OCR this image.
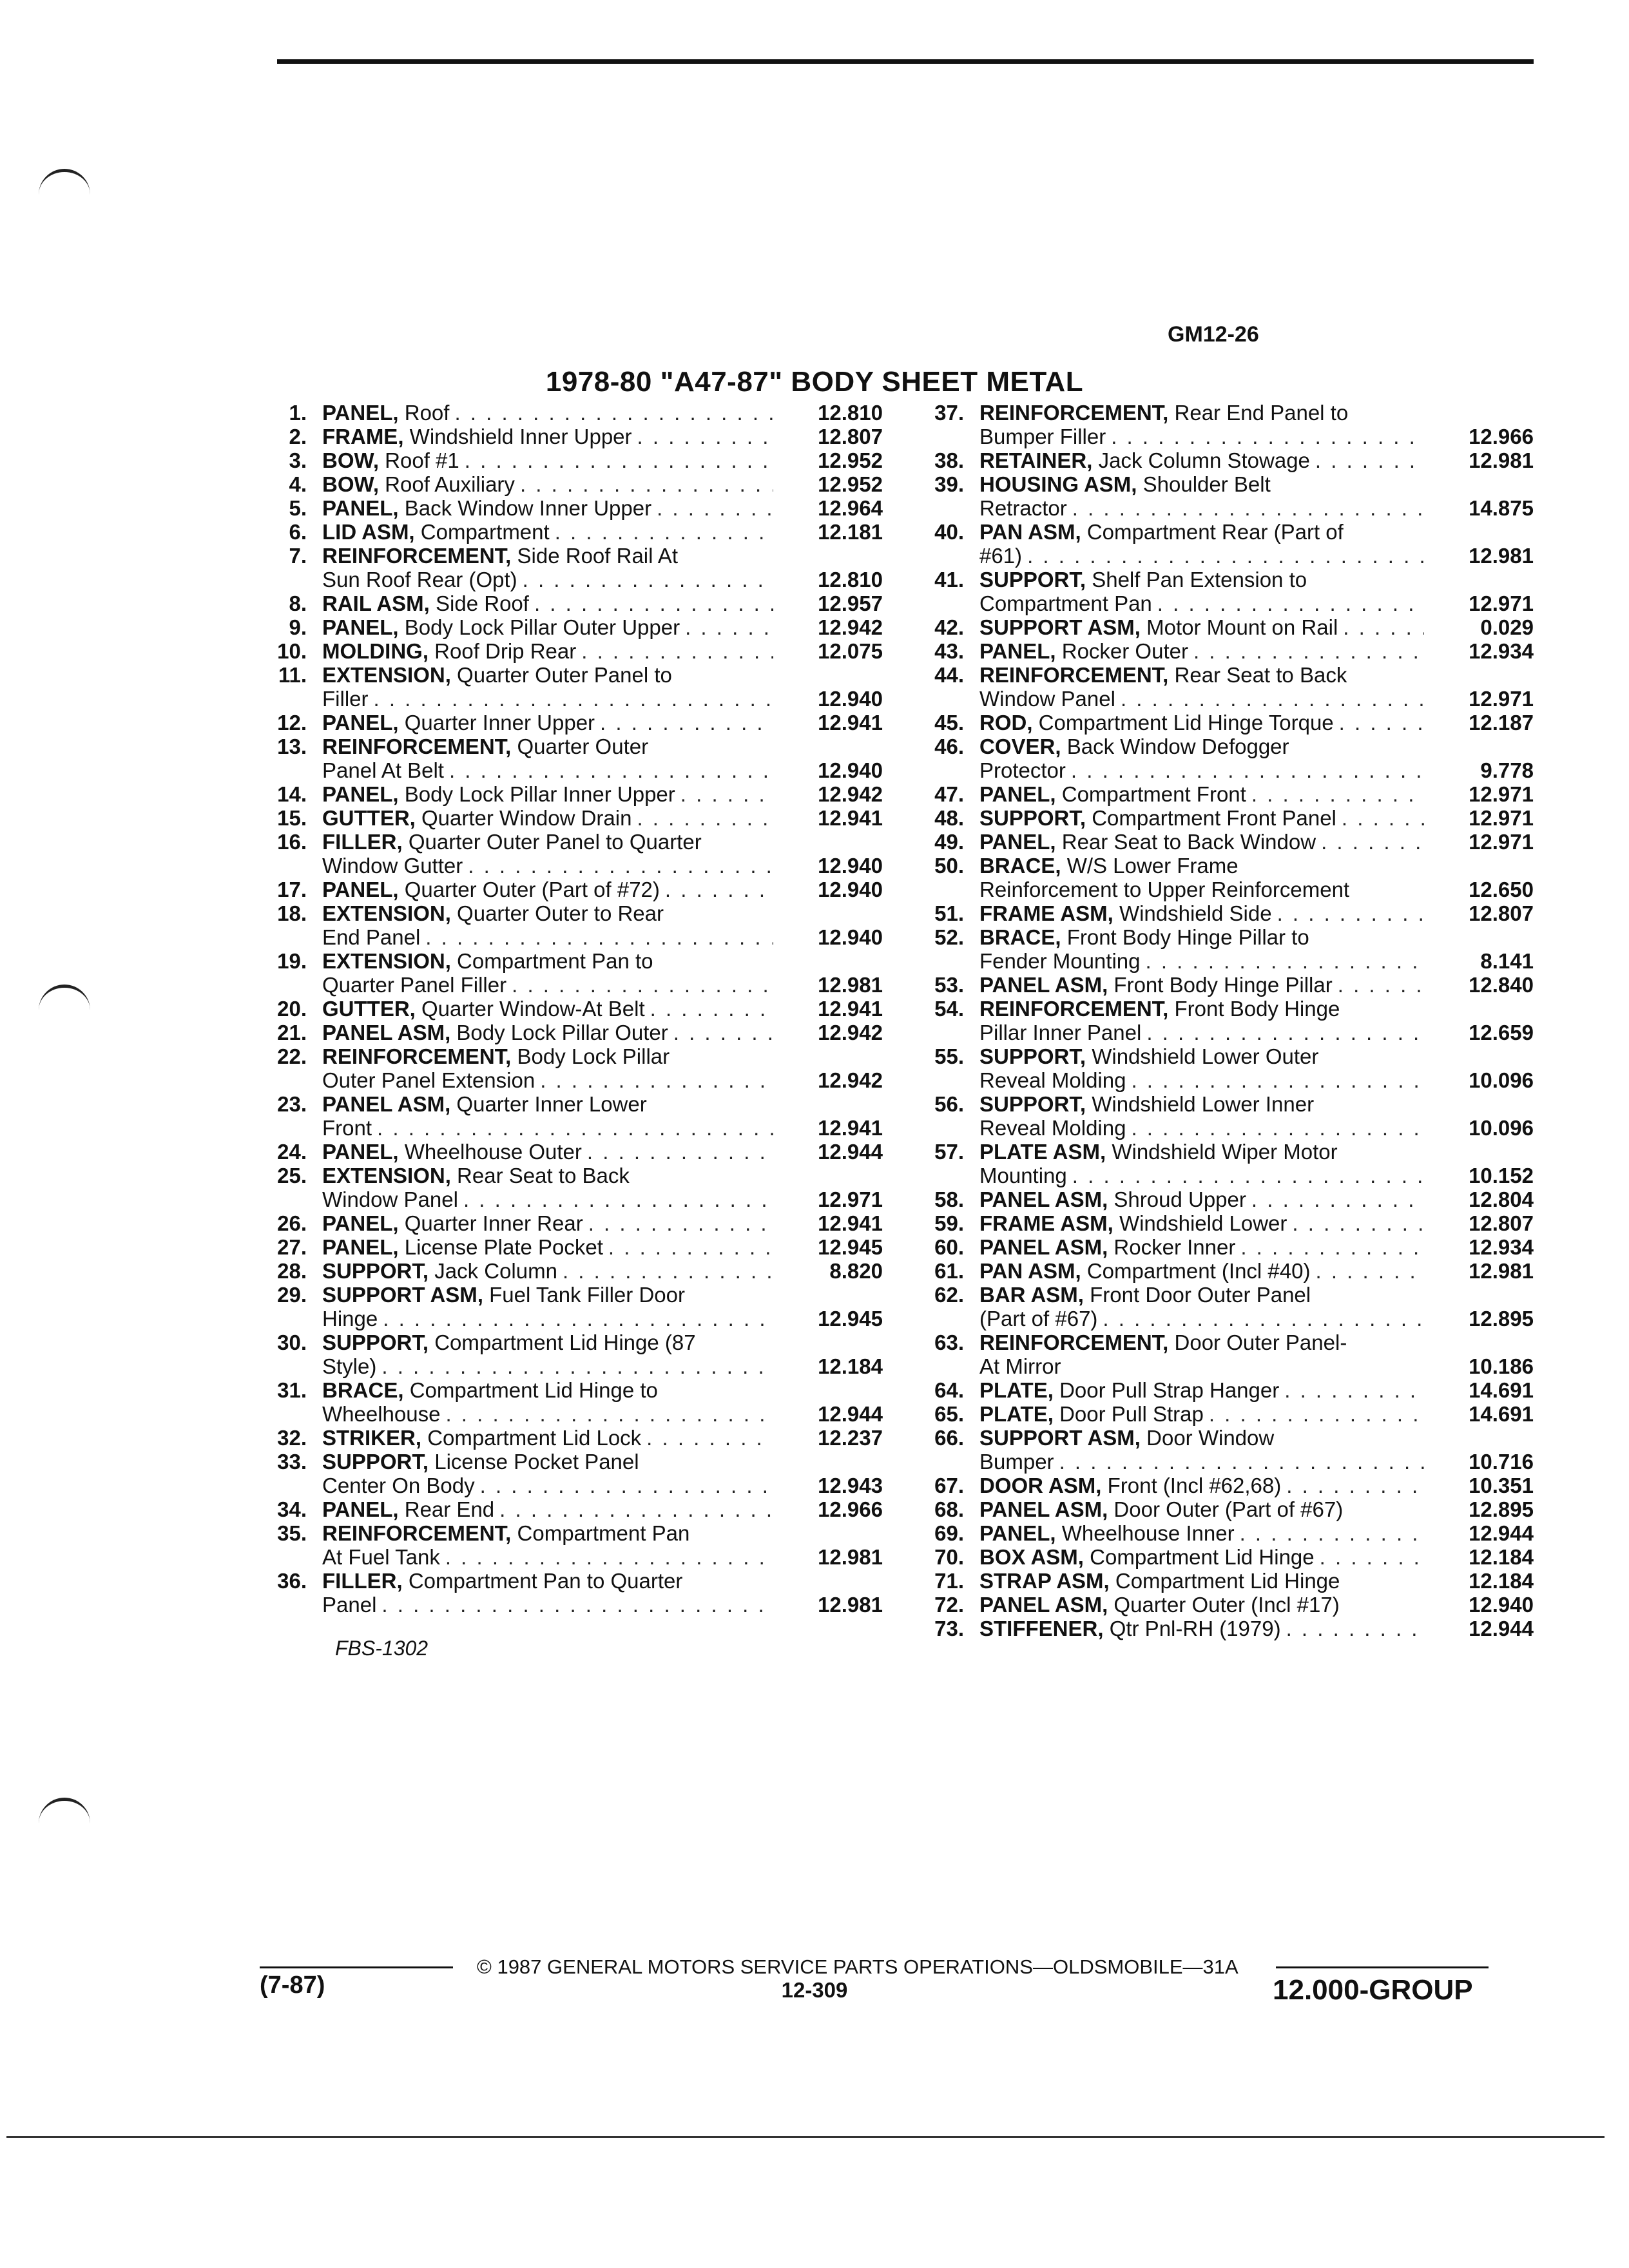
GM12-26
1978-80 "A47-87" BODY SHEET METAL
1. PANEL, Roof . . .	12.810
2. FRAME, Windshield Inner Upper . . .	12.807
3. BOW, Roof #1 . . .	12.952
4. BOW, Roof Auxiliary . . .	12.952
5. PANEL, Back Window Inner Upper . . .	12.964
6. LID ASM, Compartment . . .	12.181
7. REINFORCEMENT, Side Roof Rail At
Sun Roof Rear (Opt) . . .	12.810
8. RAIL ASM, Side Roof . . .	12.957
9. PANEL, Body Lock Pillar Outer Upper . . .	12.942
10. MOLDING, Roof Drip Rear . . .	12.075
11. EXTENSION, Quarter Outer Panel to
Filler . . .	12.940
12. PANEL, Quarter Inner Upper . . .	12.941
13. REINFORCEMENT, Quarter Outer
Panel At Belt . . .	12.940
14. PANEL, Body Lock Pillar Inner Upper . . .	12.942
15. GUTTER, Quarter Window Drain . . .	12.941
16. FILLER, Quarter Outer Panel to Quarter
Window Gutter . . .	12.940
17. PANEL, Quarter Outer (Part of #72) . . .	12.940
18. EXTENSION, Quarter Outer to Rear
End Panel . . .	12.940
19. EXTENSION, Compartment Pan to
Quarter Panel Filler . . .	12.981
20. GUTTER, Quarter Window-At Belt . . .	12.941
21. PANEL ASM, Body Lock Pillar Outer . . .	12.942
22. REINFORCEMENT, Body Lock Pillar
Outer Panel Extension . . .	12.942
23. PANEL ASM, Quarter Inner Lower
Front . . .	12.941
24. PANEL, Wheelhouse Outer . . .	12.944
25. EXTENSION, Rear Seat to Back
Window Panel . . .	12.971
26. PANEL, Quarter Inner Rear . . .	12.941
27. PANEL, License Plate Pocket . . .	12.945
28. SUPPORT, Jack Column . . .	8.820
29. SUPPORT ASM, Fuel Tank Filler Door
Hinge . . .	12.945
30. SUPPORT, Compartment Lid Hinge (87
Style) . . .	12.184
31. BRACE, Compartment Lid Hinge to
Wheelhouse . . .	12.944
32. STRIKER, Compartment Lid Lock . . .	12.237
33. SUPPORT, License Pocket Panel
Center On Body . . .	12.943
34. PANEL, Rear End . . .	12.966
35. REINFORCEMENT, Compartment Pan
At Fuel Tank . . .	12.981
36. FILLER, Compartment Pan to Quarter
Panel . . .	12.981
37. REINFORCEMENT, Rear End Panel to
Bumper Filler . . .	12.966
38. RETAINER, Jack Column Stowage . . .	12.981
39. HOUSING ASM, Shoulder Belt
Retractor . . .	14.875
40. PAN ASM, Compartment Rear (Part of
#61) . . .	12.981
41. SUPPORT, Shelf Pan Extension to
Compartment Pan . . .	12.971
42. SUPPORT ASM, Motor Mount on Rail . . .	0.029
43. PANEL, Rocker Outer . . .	12.934
44. REINFORCEMENT, Rear Seat to Back
Window Panel . . .	12.971
45. ROD, Compartment Lid Hinge Torque . . .	12.187
46. COVER, Back Window Defogger
Protector . . .	9.778
47. PANEL, Compartment Front . . .	12.971
48. SUPPORT, Compartment Front Panel . . .	12.971
49. PANEL, Rear Seat to Back Window . . .	12.971
50. BRACE, W/S Lower Frame
Reinforcement to Upper Reinforcement	12.650
51. FRAME ASM, Windshield Side . . .	12.807
52. BRACE, Front Body Hinge Pillar to
Fender Mounting . . .	8.141
53. PANEL ASM, Front Body Hinge Pillar . . .	12.840
54. REINFORCEMENT, Front Body Hinge
Pillar Inner Panel . . .	12.659
55. SUPPORT, Windshield Lower Outer
Reveal Molding . . .	10.096
56. SUPPORT, Windshield Lower Inner
Reveal Molding . . .	10.096
57. PLATE ASM, Windshield Wiper Motor
Mounting . . .	10.152
58. PANEL ASM, Shroud Upper . . .	12.804
59. FRAME ASM, Windshield Lower . . .	12.807
60. PANEL ASM, Rocker Inner . . .	12.934
61. PAN ASM, Compartment (Incl #40) . . .	12.981
62. BAR ASM, Front Door Outer Panel
(Part of #67) . . .	12.895
63. REINFORCEMENT, Door Outer Panel-
At Mirror	10.186
64. PLATE, Door Pull Strap Hanger . . .	14.691
65. PLATE, Door Pull Strap . . .	14.691
66. SUPPORT ASM, Door Window
Bumper . . .	10.716
67. DOOR ASM, Front (Incl #62,68) . . .	10.351
68. PANEL ASM, Door Outer (Part of #67)	12.895
69. PANEL, Wheelhouse Inner . . .	12.944
70. BOX ASM, Compartment Lid Hinge . . .	12.184
71. STRAP ASM, Compartment Lid Hinge	12.184
72. PANEL ASM, Quarter Outer (Incl #17)	12.940
73. STIFFENER, Qtr Pnl-RH (1979) . . .	12.944
FBS-1302
© 1987 GENERAL MOTORS SERVICE PARTS OPERATIONS—OLDSMOBILE—31A
(7-87)	12-309	12.000-GROUP
